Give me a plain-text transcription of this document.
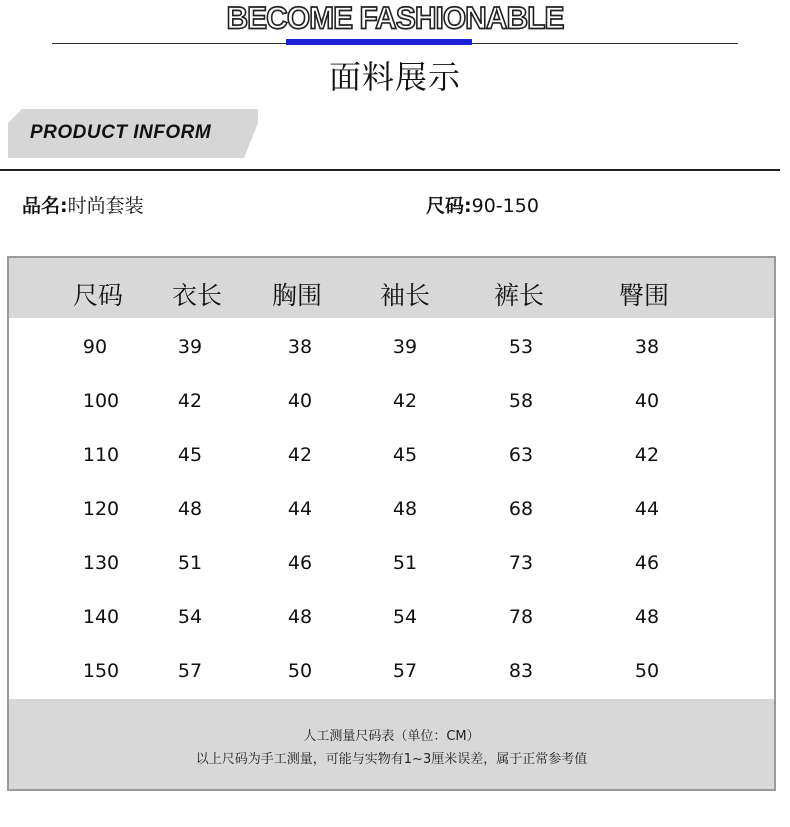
BECOME FASHIONABLE
面料展示
PRODUCT INFORM
品名:时尚套装	尺码:90-150
尺码 衣长 胸围 袖长	裤长	臀围
90	39	38	39	53	38
100	42	40	42	58	40
110	45	42	45	63	42
120	48	44	48	68	44
130	51	46	51	73	46
140	54	48	54	78	48
150	57	50	57	83	50
人工测量尺码表（单位：CM）
以上尺码为手工测量，可能与实物有1~3厘米误差，属于正常参考值
